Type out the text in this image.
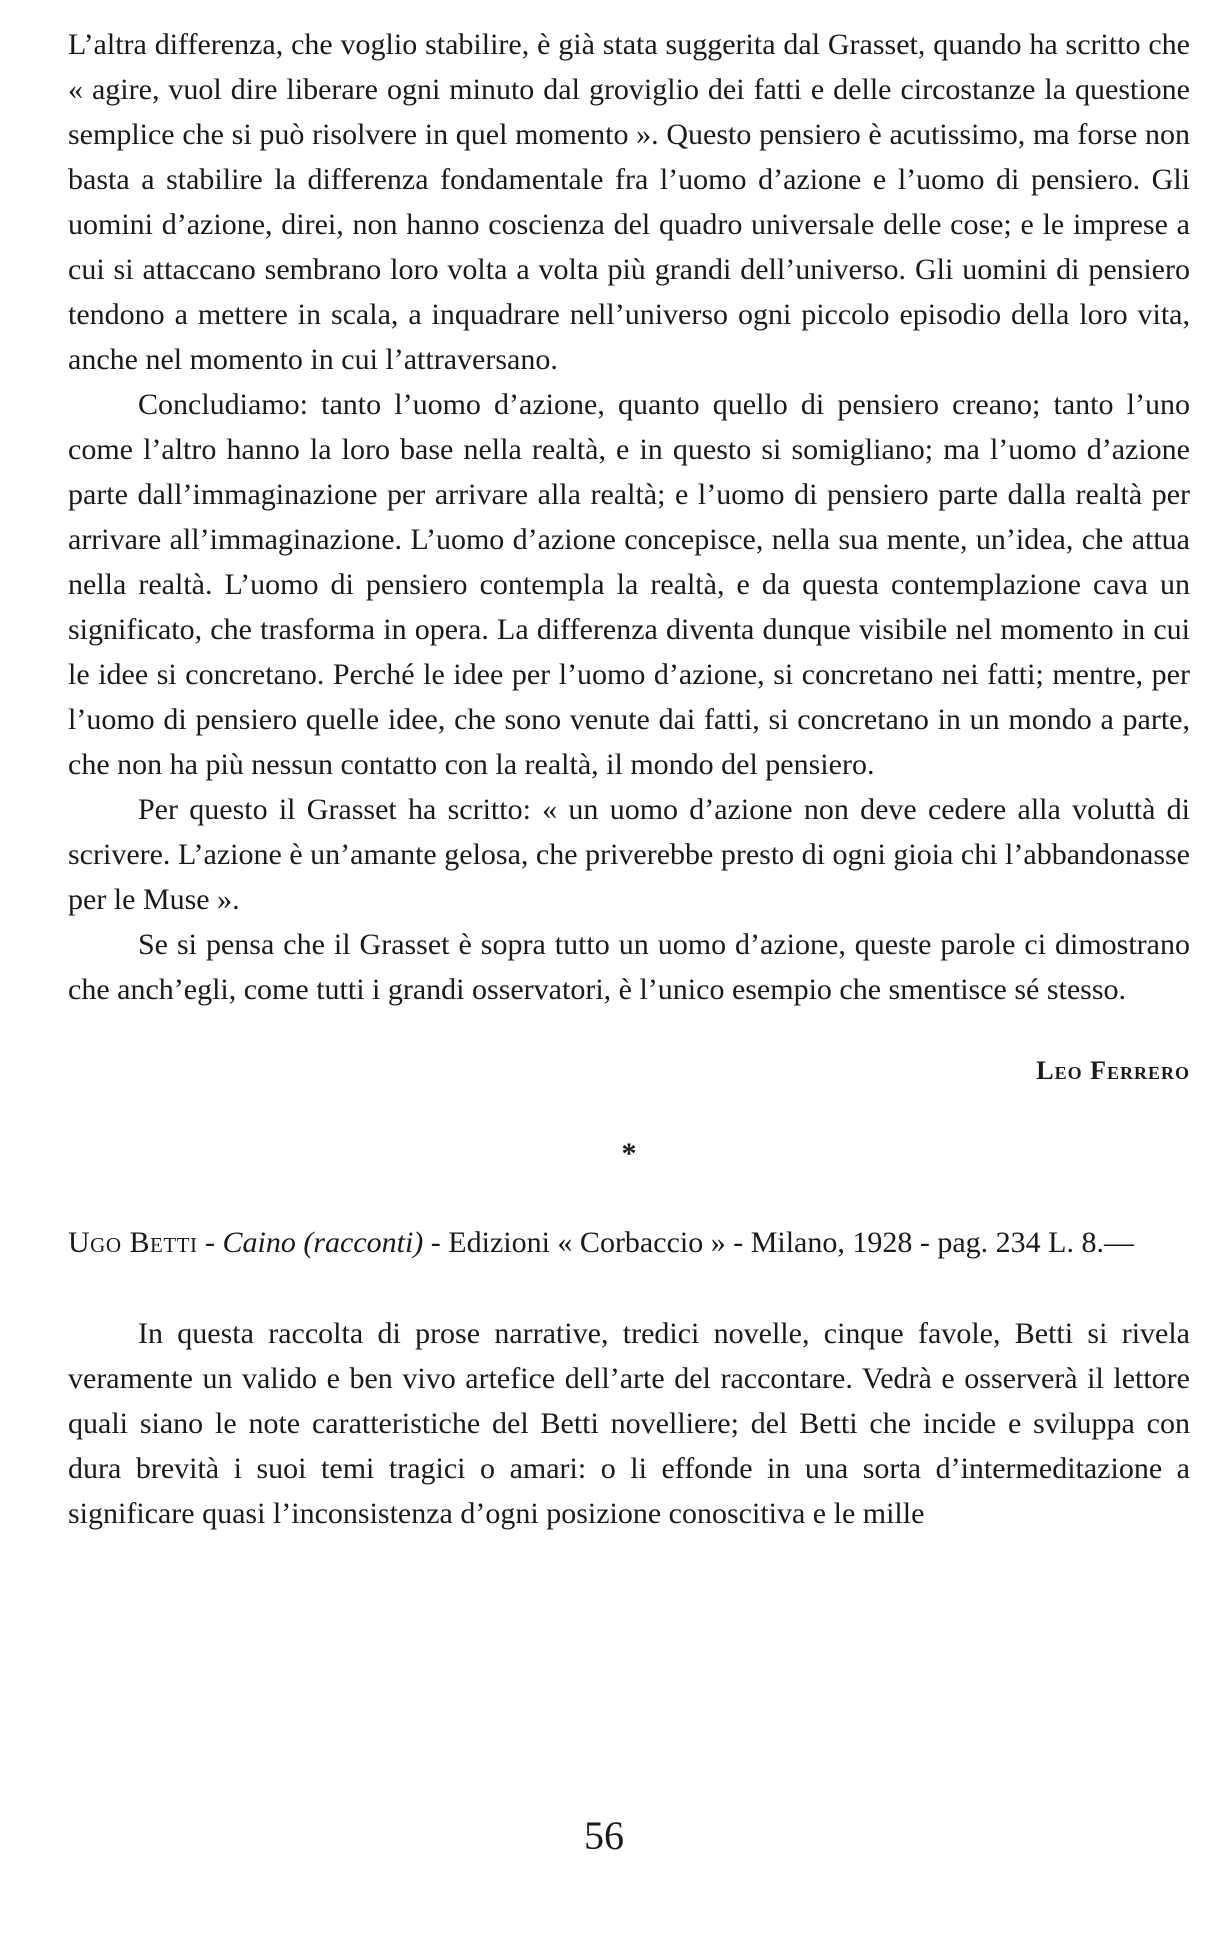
L’altra differenza, che voglio stabilire, è già stata suggerita dal Grasset, quando ha scritto che « agire, vuol dire liberare ogni minuto dal groviglio dei fatti e delle circostanze la questione semplice che si può risolvere in quel momento ». Questo pensiero è acutissimo, ma forse non basta a stabilire la differenza fondamentale fra l’uomo d’azione e l’uomo di pensiero. Gli uomini d’azione, direi, non hanno coscienza del quadro universale delle cose; e le imprese a cui si attaccano sembrano loro volta a volta più grandi dell’universo. Gli uomini di pensiero tendono a mettere in scala, a inquadrare nell’universo ogni piccolo episodio della loro vita, anche nel momento in cui l’attraversano.

Concludiamo: tanto l’uomo d’azione, quanto quello di pensiero creano; tanto l’uno come l’altro hanno la loro base nella realtà, e in questo si somigliano; ma l’uomo d’azione parte dall’immaginazione per arrivare alla realtà; e l’uomo di pensiero parte dalla realtà per arrivare all’immaginazione. L’uomo d’azione concepisce, nella sua mente, un’idea, che attua nella realtà. L’uomo di pensiero contempla la realtà, e da questa contemplazione cava un significato, che trasforma in opera. La differenza diventa dunque visibile nel momento in cui le idee si concretano. Perché le idee per l’uomo d’azione, si concretano nei fatti; mentre, per l’uomo di pensiero quelle idee, che sono venute dai fatti, si concretano in un mondo a parte, che non ha più nessun contatto con la realtà, il mondo del pensiero.

Per questo il Grasset ha scritto: « un uomo d’azione non deve cedere alla voluttà di scrivere. L’azione è un’amante gelosa, che priverebbe presto di ogni gioia chi l’abbandonasse per le Muse ».

Se si pensa che il Grasset è sopra tutto un uomo d’azione, queste parole ci dimostrano che anch’egli, come tutti i grandi osservatori, è l’unico esempio che smentisce sé stesso.

Leo Ferrero
*

Ugo Betti - Caino (racconti) - Edizioni « Corbaccio » - Milano, 1928 - pag. 234 L. 8.—

In questa raccolta di prose narrative, tredici novelle, cinque favole, Betti si rivela veramente un valido e ben vivo artefice dell’arte del raccontare. Vedrà e osserverà il lettore quali siano le note caratteristiche del Betti novelliere; del Betti che incide e sviluppa con dura brevità i suoi temi tragici o amari: o li effonde in una sorta d’intermeditazione a significare quasi l’inconsistenza d’ogni posizione conoscitiva e le mille

56
